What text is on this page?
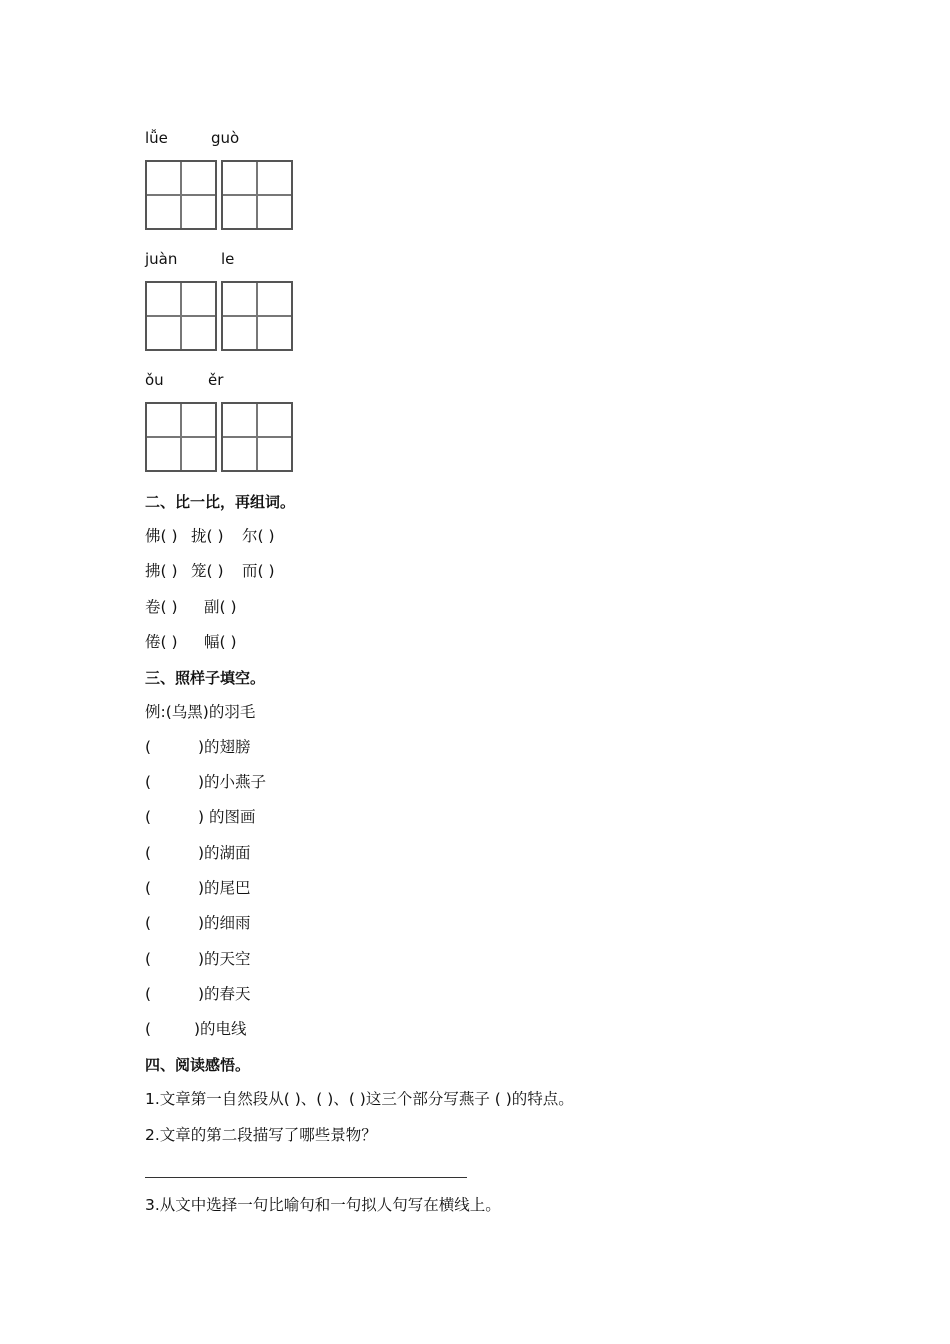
lǚe	guò
juàn	le
ǒu	ěr
二、比一比，再组词。
佛( ) 拢( ) 尔( )
拂( ) 笼( ) 而( )
卷( ) 副( )
倦( ) 幅( )
三、照样子填空。
例:(乌黑)的羽毛
(	)的翅膀
(	)的小燕子
(	) 的图画
(	)的湖面
(	)的尾巴
(	)的细雨
(	)的天空
(	)的春天
(	)的电线
四、阅读感悟。
1.文章第一自然段从( )、( )、( )这三个部分写燕子 ( )的特点。
2.文章的第二段描写了哪些景物？
3.从文中选择一句比喻句和一句拟人句写在横线上。
